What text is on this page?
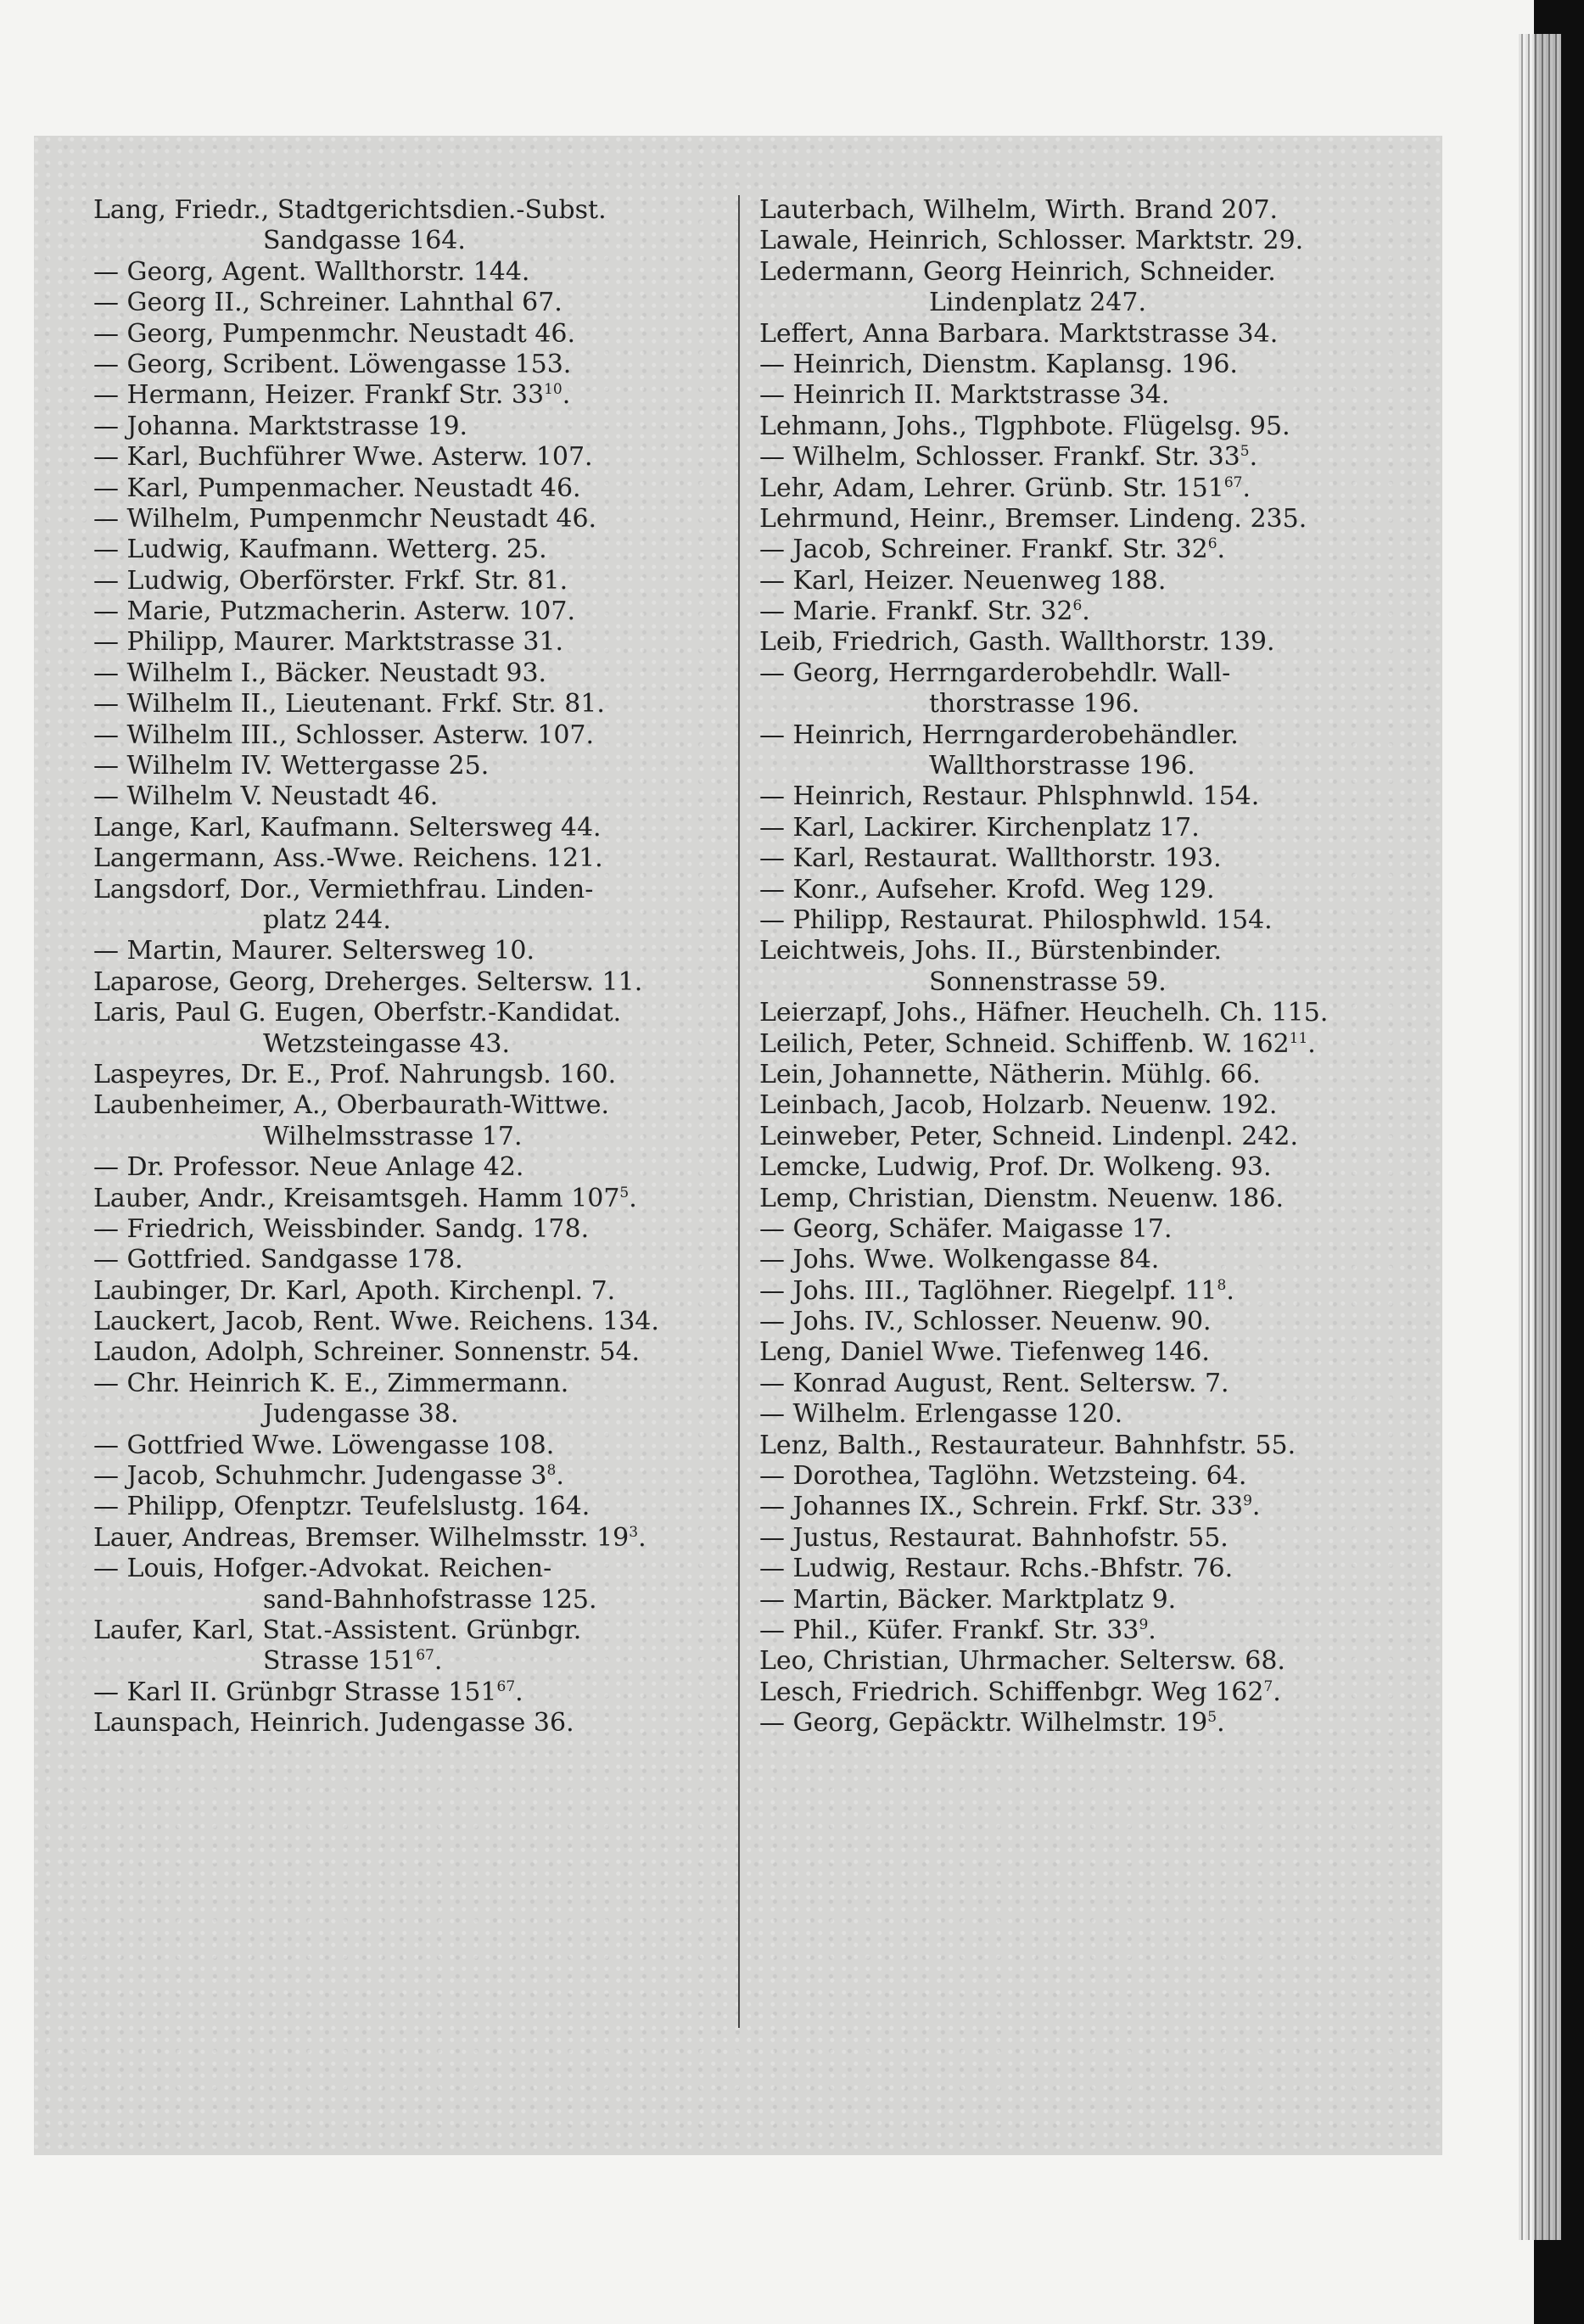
Lang, Friedr., Stadtgerichtsdien.-Subst.
Sandgasse 164.
— Georg, Agent. Wallthorstr. 144.
— Georg II., Schreiner. Lahnthal 67.
— Georg, Pumpenmchr. Neustadt 46.
— Georg, Scribent. Löwengasse 153.
— Hermann, Heizer. Frankf Str. $33^{10}$.
— Johanna. Marktstrasse 19.
— Karl, Buchführer Wwe. Asterw. 107.
— Karl, Pumpenmacher. Neustadt 46.
— Wilhelm, Pumpenmchr Neustadt 46.
— Ludwig, Kaufmann. Wetterg. 25.
— Ludwig, Oberförster. Frkf. Str. 81.
— Marie, Putzmacherin. Asterw. 107.
— Philipp, Maurer. Marktstrasse 31.
— Wilhelm I., Bäcker. Neustadt 93.
— Wilhelm II., Lieutenant. Frkf. Str. 81.
— Wilhelm III., Schlosser. Asterw. 107.
— Wilhelm IV. Wettergasse 25.
— Wilhelm V. Neustadt 46.
Lange, Karl, Kaufmann. Seltersweg 44.
Langermann, Ass.-Wwe. Reichens. 121.
Langsdorf, Dor., Vermiethfrau. Linden-
platz 244.
— Martin, Maurer. Seltersweg 10.
Laparose, Georg, Dreherges. Seltersw. 11.
Laris, Paul G. Eugen, Oberfstr.-Kandidat.
Wetzsteingasse 43.
Laspeyres, Dr. E., Prof. Nahrungsb. 160.
Laubenheimer, A., Oberbaurath-Wittwe.
Wilhelmsstrasse 17.
— Dr. Professor. Neue Anlage 42.
Lauber, Andr., Kreisamtsgeh. Hamm $107^5$.
— Friedrich, Weissbinder. Sandg. 178.
— Gottfried. Sandgasse 178.
Laubinger, Dr. Karl, Apoth. Kirchenpl. 7.
Lauckert, Jacob, Rent. Wwe. Reichens. 134.
Laudon, Adolph, Schreiner. Sonnenstr. 54.
— Chr. Heinrich K. E., Zimmermann.
Judengasse 38.
— Gottfried Wwe. Löwengasse 108.
— Jacob, Schuhmchr. Judengasse $3^8$.
— Philipp, Ofenptzr. Teufelslustg. 164.
Lauer, Andreas, Bremser. Wilhelmsstr. $19^3$.
— Louis, Hofger.-Advokat. Reichen-
sand-Bahnhofstrasse 125.
Laufer, Karl, Stat.-Assistent. Grünbgr.
Strasse $151^{67}$.
— Karl II. Grünbgr Strasse $151^{67}$.
Launspach, Heinrich. Judengasse 36.
Lauterbach, Wilhelm, Wirth. Brand 207.
Lawale, Heinrich, Schlosser. Marktstr. 29.
Ledermann, Georg Heinrich, Schneider.
Lindenplatz 247.
Leffert, Anna Barbara. Marktstrasse 34.
— Heinrich, Dienstm. Kaplansg. 196.
— Heinrich II. Marktstrasse 34.
Lehmann, Johs., Tlgphbote. Flügelsg. 95.
— Wilhelm, Schlosser. Frankf. Str. $33^5$.
Lehr, Adam, Lehrer. Grünb. Str. $151^{67}$.
Lehrmund, Heinr., Bremser. Lindeng. 235.
— Jacob, Schreiner. Frankf. Str. $32^6$.
— Karl, Heizer. Neuenweg 188.
— Marie. Frankf. Str. $32^6$.
Leib, Friedrich, Gasth. Wallthorstr. 139.
— Georg, Herrngarderobehdlr. Wall-
thorstrasse 196.
— Heinrich, Herrngarderobehändler.
Wallthorstrasse 196.
— Heinrich, Restaur. Phlsphnwld. 154.
— Karl, Lackirer. Kirchenplatz 17.
— Karl, Restaurat. Wallthorstr. 193.
— Konr., Aufseher. Krofd. Weg 129.
— Philipp, Restaurat. Philosphwld. 154.
Leichtweis, Johs. II., Bürstenbinder.
Sonnenstrasse 59.
Leierzapf, Johs., Häfner. Heuchelh. Ch. 115.
Leilich, Peter, Schneid. Schiffenb. W. $162^{11}$.
Lein, Johannette, Nätherin. Mühlg. 66.
Leinbach, Jacob, Holzarb. Neuenw. 192.
Leinweber, Peter, Schneid. Lindenpl. 242.
Lemcke, Ludwig, Prof. Dr. Wolkeng. 93.
Lemp, Christian, Dienstm. Neuenw. 186.
— Georg, Schäfer. Maigasse 17.
— Johs. Wwe. Wolkengasse 84.
— Johs. III., Taglöhner. Riegelpf. $11^8$.
— Johs. IV., Schlosser. Neuenw. 90.
Leng, Daniel Wwe. Tiefenweg 146.
— Konrad August, Rent. Seltersw. 7.
— Wilhelm. Erlengasse 120.
Lenz, Balth., Restaurateur. Bahnhfstr. 55.
— Dorothea, Taglöhn. Wetzsteing. 64.
— Johannes IX., Schrein. Frkf. Str. $33^9$.
— Justus, Restaurat. Bahnhofstr. 55.
— Ludwig, Restaur. Rchs.-Bhfstr. 76.
— Martin, Bäcker. Marktplatz 9.
— Phil., Küfer. Frankf. Str. $33^9$.
Leo, Christian, Uhrmacher. Seltersw. 68.
Lesch, Friedrich. Schiffenbgr. Weg $162^7$.
— Georg, Gepäcktr. Wilhelmstr. $19^5$.
